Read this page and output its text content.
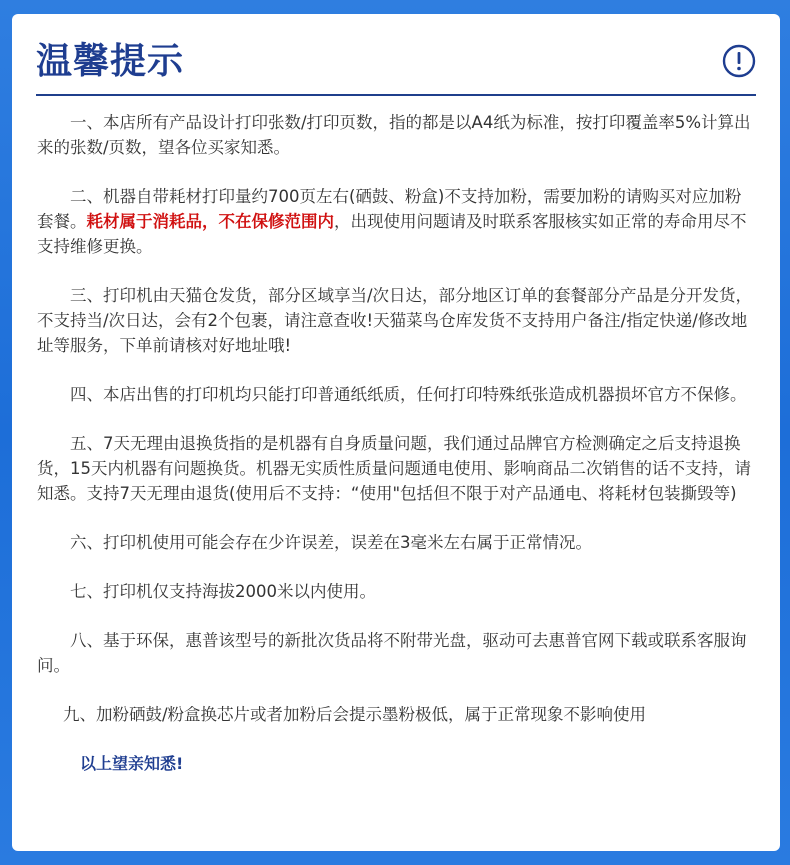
温馨提示

一、本店所有产品设计打印张数/打印页数，指的都是以A4纸为标准，按打印覆盖率5%计算出来的张数/页数，望各位买家知悉。

二、机器自带耗材打印量约700页左右(硒鼓、粉盒)不支持加粉，需要加粉的请购买对应加粉套餐。耗材属于消耗品，不在保修范围内，出现使用问题请及时联系客服核实如正常的寿命用尽不支持维修更换。

三、打印机由天猫仓发货，部分区域享当/次日达，部分地区订单的套餐部分产品是分开发货，不支持当/次日达，会有2个包裹，请注意查收!天猫菜鸟仓库发货不支持用户备注/指定快递/修改地址等服务，下单前请核对好地址哦!

四、本店出售的打印机均只能打印普通纸纸质，任何打印特殊纸张造成机器损坏官方不保修。

五、7天无理由退换货指的是机器有自身质量问题，我们通过品牌官方检测确定之后支持退换货，15天内机器有问题换货。机器无实质性质量问题通电使用、影响商品二次销售的话不支持，请知悉。支持7天无理由退货(使用后不支持：“使用"包括但不限于对产品通电、将耗材包装撕毁等)

六、打印机使用可能会存在少许误差，误差在3毫米左右属于正常情况。

七、打印机仅支持海拔2000米以内使用。

八、基于环保，惠普该型号的新批次货品将不附带光盘，驱动可去惠普官网下载或联系客服询问。

九、加粉硒鼓/粉盒换芯片或者加粉后会提示墨粉极低，属于正常现象不影响使用

以上望亲知悉!
